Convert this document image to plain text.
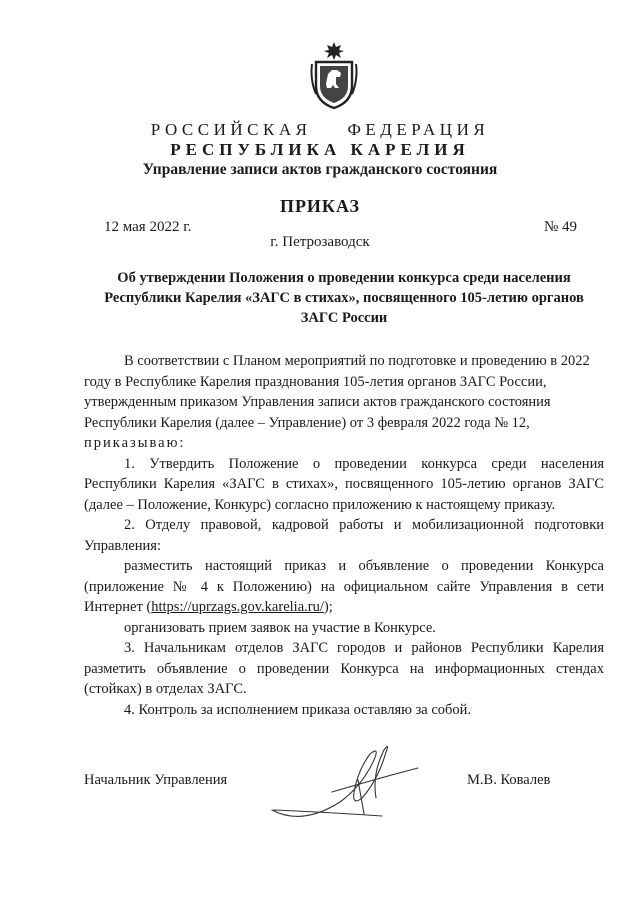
РОССИЙСКАЯ ФЕДЕРАЦИЯ
РЕСПУБЛИКА КАРЕЛИЯ
Управление записи актов гражданского состояния
ПРИКАЗ
12 мая 2022 г.	№ 49
г. Петрозаводск
Об утверждении Положения о проведении конкурса среди населения
Республики Карелия «ЗАГС в стихах», посвященного 105-летию органов
ЗАГС России

В соответствии с Планом мероприятий по подготовке и проведению в 2022 году в Республике Карелия празднования 105-летия органов ЗАГС России, утвержденным приказом Управления записи актов гражданского состояния Республики Карелия (далее – Управление) от 3 февраля 2022 года № 12, приказываю:

1. Утвердить Положение о проведении конкурса среди населения Республики Карелия «ЗАГС в стихах», посвященного 105-летию органов ЗАГС (далее – Положение, Конкурс) согласно приложению к настоящему приказу.

2. Отделу правовой, кадровой работы и мобилизационной подготовки Управления:

разместить настоящий приказ и объявление о проведении Конкурса (приложение № 4 к Положению) на официальном сайте Управления в сети Интернет (https://uprzags.gov.karelia.ru/);

организовать прием заявок на участие в Конкурсе.

3. Начальникам отделов ЗАГС городов и районов Республики Карелия разметить объявление о проведении Конкурса на информационных стендах (стойках) в отделах ЗАГС.

4. Контроль за исполнением приказа оставляю за собой.

Начальник Управления	М.В. Ковалев
